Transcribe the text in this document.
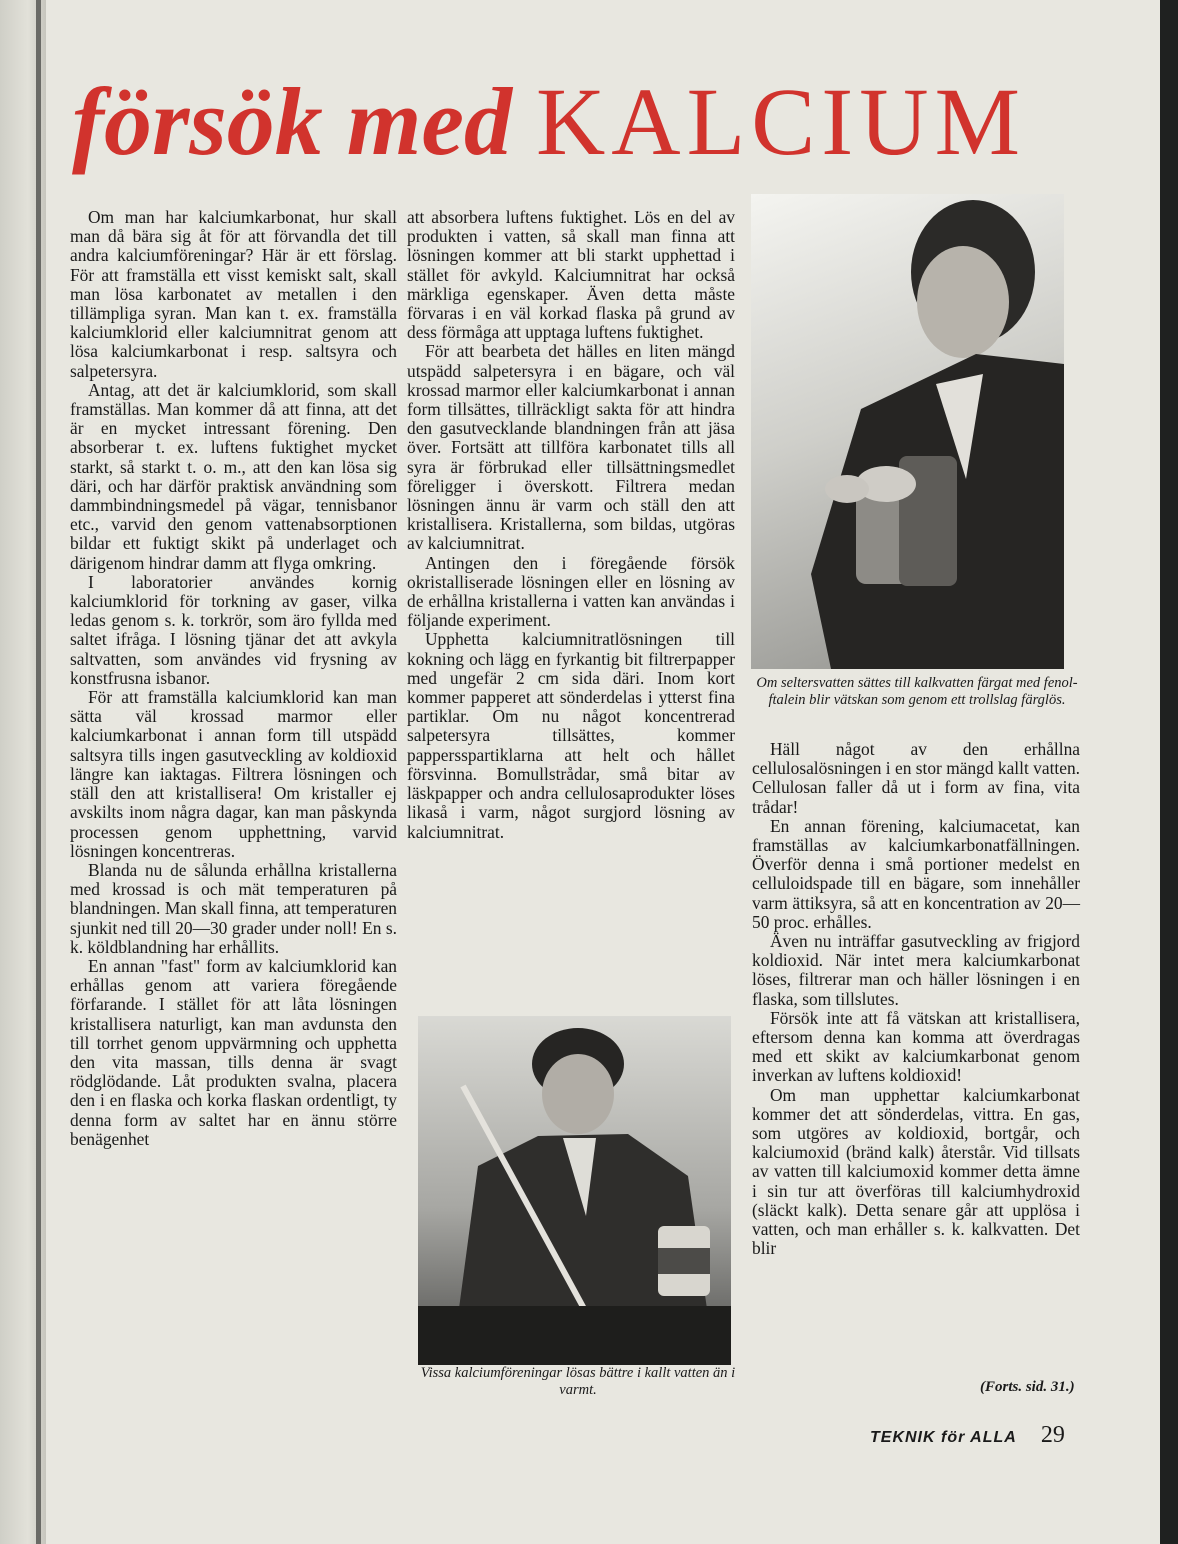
försök med KALCIUM

Om man har kalciumkarbonat, hur skall man då bära sig åt för att förvandla det till andra kalciumföreningar? Här är ett förslag. För att framställa ett visst kemiskt salt, skall man lösa karbonatet av metallen i den tillämpliga syran. Man kan t. ex. framställa kalciumklorid eller kalciumnitrat genom att lösa kalciumkarbonat i resp. saltsyra och salpetersyra.

Antag, att det är kalciumklorid, som skall framställas. Man kommer då att finna, att det är en mycket intressant förening. Den absorberar t. ex. luftens fuktighet mycket starkt, så starkt t. o. m., att den kan lösa sig däri, och har därför praktisk användning som dammbindningsmedel på vägar, tennisbanor etc., varvid den genom vattenabsorptionen bildar ett fuktigt skikt på underlaget och därigenom hindrar damm att flyga omkring.

I laboratorier användes kornig kalciumklorid för torkning av gaser, vilka ledas genom s. k. torkrör, som äro fyllda med saltet ifråga. I lösning tjänar det att avkyla saltvatten, som användes vid frysning av konstfrusna isbanor.

För att framställa kalciumklorid kan man sätta väl krossad marmor eller kalciumkarbonat i annan form till utspädd saltsyra tills ingen gasutveckling av koldioxid längre kan iaktagas. Filtrera lösningen och ställ den att kristallisera! Om kristaller ej avskilts inom några dagar, kan man påskynda processen genom upphettning, varvid lösningen koncentreras.

Blanda nu de sålunda erhållna kristallerna med krossad is och mät temperaturen på blandningen. Man skall finna, att temperaturen sjunkit ned till 20—30 grader under noll! En s. k. köldblandning har erhållits.

En annan "fast" form av kalciumklorid kan erhållas genom att variera föregående förfarande. I stället för att låta lösningen kristallisera naturligt, kan man avdunsta den till torrhet genom uppvärmning och upphetta den vita massan, tills denna är svagt rödglödande. Låt produkten svalna, placera den i en flaska och korka flaskan ordentligt, ty denna form av saltet har en ännu större benägenhet

att absorbera luftens fuktighet. Lös en del av produkten i vatten, så skall man finna att lösningen kommer att bli starkt upphettad i stället för avkyld. Kalciumnitrat har också märkliga egenskaper. Även detta måste förvaras i en väl korkad flaska på grund av dess förmåga att upptaga luftens fuktighet.

För att bearbeta det hälles en liten mängd utspädd salpetersyra i en bägare, och väl krossad marmor eller kalciumkarbonat i annan form tillsättes, tillräckligt sakta för att hindra den gasutvecklande blandningen från att jäsa över. Fortsätt att tillföra karbonatet tills all syra är förbrukad eller tillsättningsmedlet föreligger i överskott. Filtrera medan lösningen ännu är varm och ställ den att kristallisera. Kristallerna, som bildas, utgöras av kalciumnitrat.

Antingen den i föregående försök okristalliserade lösningen eller en lösning av de erhållna kristallerna i vatten kan användas i följande experiment.

Upphetta kalciumnitratlösningen till kokning och lägg en fyrkantig bit filtrerpapper med ungefär 2 cm sida däri. Inom kort kommer papperet att sönderdelas i ytterst fina partiklar. Om nu något koncentrerad salpetersyra tillsättes, kommer pappersspartiklarna att helt och hållet försvinna. Bomullstrådar, små bitar av läskpapper och andra cellulosaprodukter löses likaså i varm, något surgjord lösning av kalciumnitrat.

Om seltersvatten sättes till kalkvatten färgat med fenol-ftalein blir vätskan som genom ett trollslag färglös.

Häll något av den erhållna cellulosalösningen i en stor mängd kallt vatten. Cellulosan faller då ut i form av fina, vita trådar!

En annan förening, kalciumacetat, kan framställas av kalciumkarbonatfällningen. Överför denna i små portioner medelst en celluloidspade till en bägare, som innehåller varm ättiksyra, så att en koncentration av 20—50 proc. erhålles.

Även nu inträffar gasutveckling av frigjord koldioxid. När intet mera kalciumkarbonat löses, filtrerar man och häller lösningen i en flaska, som tillslutes.

Försök inte att få vätskan att kristallisera, eftersom denna kan komma att överdragas med ett skikt av kalciumkarbonat genom inverkan av luftens koldioxid!

Om man upphettar kalciumkarbonat kommer det att sönderdelas, vittra. En gas, som utgöres av koldioxid, bortgår, och kalciumoxid (bränd kalk) återstår. Vid tillsats av vatten till kalciumoxid kommer detta ämne i sin tur att överföras till kalciumhydroxid (släckt kalk). Detta senare går att upplösa i vatten, och man erhåller s. k. kalkvatten. Det blir

Vissa kalciumföreningar lösas bättre i kallt vatten än i varmt.	(Forts. sid. 31.)
TEKNIK för ALLA 29
